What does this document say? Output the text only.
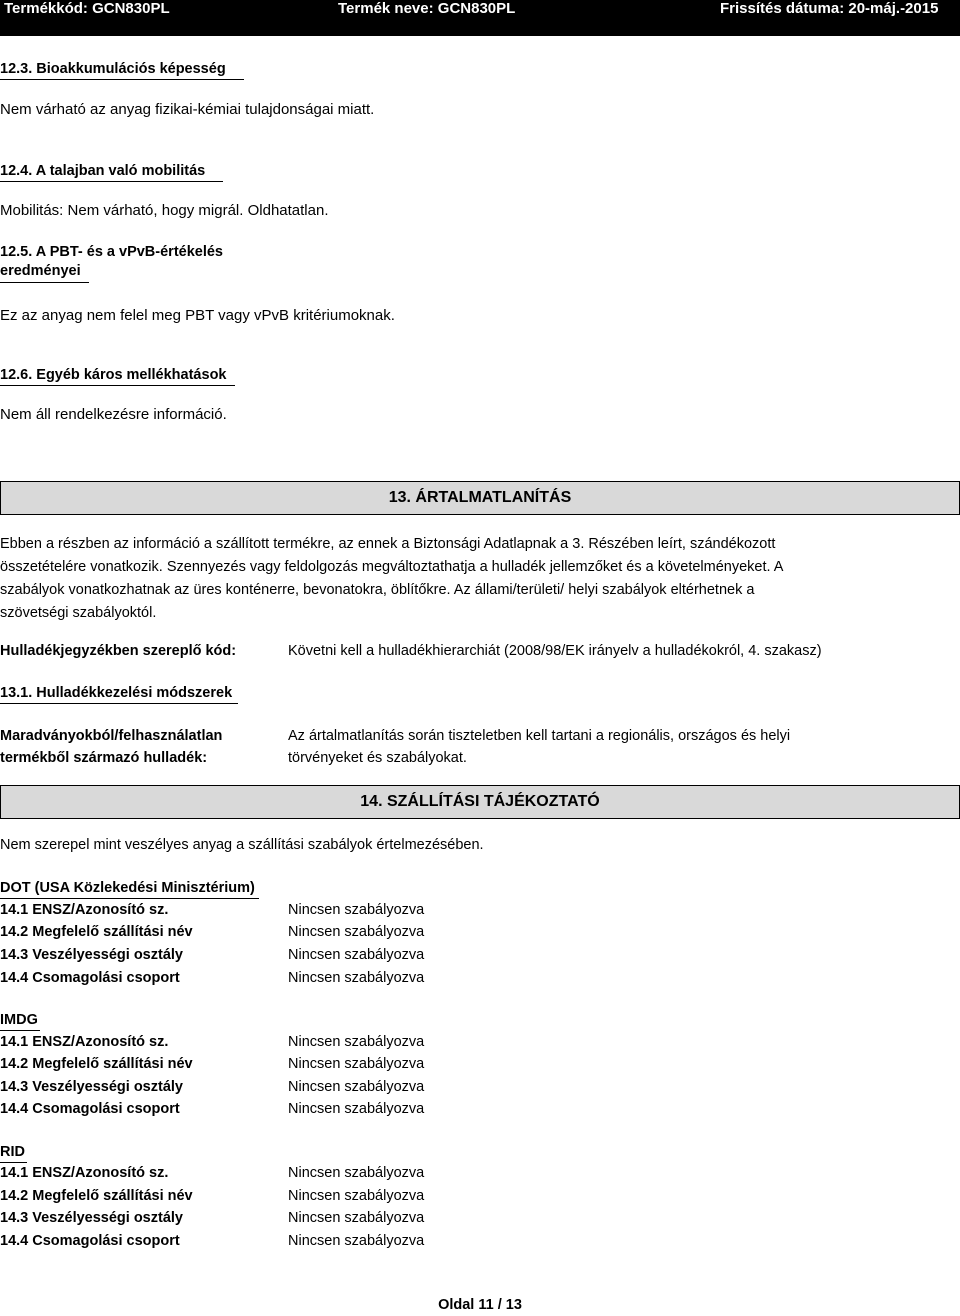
Termékkód: GCN830PL	Termék neve: GCN830PL	Frissítés dátuma: 20-máj.-2015
12.3. Bioakkumulációs képesség
Nem várható az anyag fizikai-kémiai tulajdonságai miatt.
12.4. A talajban való mobilitás
Mobilitás: Nem várható, hogy migrál. Oldhatatlan.
12.5. A PBT- és a vPvB-értékelés
eredményei
Ez az anyag nem felel meg PBT vagy vPvB kritériumoknak.
12.6. Egyéb káros mellékhatások
Nem áll rendelkezésre információ.
13. ÁRTALMATLANÍTÁS
Ebben a részben az információ a szállított termékre, az ennek a Biztonsági Adatlapnak a 3. Részében leírt, szándékozott
összetételére vonatkozik. Szennyezés vagy feldolgozás megváltoztathatja a hulladék jellemzőket és a követelményeket. A
szabályok vonatkozhatnak az üres konténerre, bevonatokra, öblítőkre. Az állami/területi/ helyi szabályok eltérhetnek a
szövetségi szabályoktól.
Hulladékjegyzékben szereplő kód:	Követni kell a hulladékhierarchiát (2008/98/EK irányelv a hulladékokról, 4. szakasz)
13.1. Hulladékkezelési módszerek
Maradványokból/felhasználatlan
termékből származó hulladék:
Az ártalmatlanítás során tiszteletben kell tartani a regionális, országos és helyi
törvényeket és szabályokat.
14. SZÁLLÍTÁSI TÁJÉKOZTATÓ
Nem szerepel mint veszélyes anyag a szállítási szabályok értelmezésében.
DOT (USA Közlekedési Minisztérium)
14.1 ENSZ/Azonosító sz.	Nincsen szabályozva
14.2 Megfelelő szállítási név	Nincsen szabályozva
14.3 Veszélyességi osztály	Nincsen szabályozva
14.4 Csomagolási csoport	Nincsen szabályozva
IMDG
14.1 ENSZ/Azonosító sz.	Nincsen szabályozva
14.2 Megfelelő szállítási név	Nincsen szabályozva
14.3 Veszélyességi osztály	Nincsen szabályozva
14.4 Csomagolási csoport	Nincsen szabályozva
RID
14.1 ENSZ/Azonosító sz.	Nincsen szabályozva
14.2 Megfelelő szállítási név	Nincsen szabályozva
14.3 Veszélyességi osztály	Nincsen szabályozva
14.4 Csomagolási csoport	Nincsen szabályozva
Oldal 11 / 13
